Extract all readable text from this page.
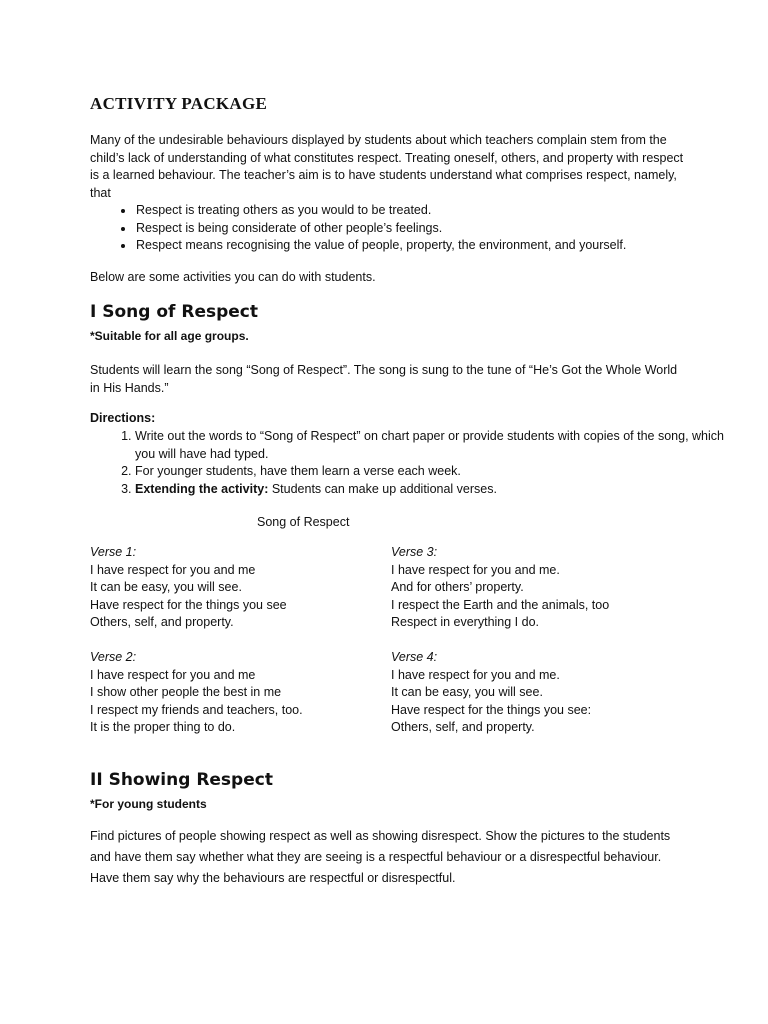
ACTIVITY PACKAGE

Many of the undesirable behaviours displayed by students about which teachers complain stem from the child’s lack of understanding of what constitutes respect. Treating oneself, others, and property with respect is a learned behaviour. The teacher’s aim is to have students understand what comprises respect, namely, that

• Respect is treating others as you would to be treated.
• Respect is being considerate of other people’s feelings.
• Respect means recognising the value of people, property, the environment, and yourself.

Below are some activities you can do with students.

I Song of Respect
*Suitable for all age groups.

Students will learn the song “Song of Respect”. The song is sung to the tune of “He’s Got the Whole World in His Hands.”

Directions:
1. Write out the words to “Song of Respect” on chart paper or provide students with copies of the song, which you will have had typed.
2. For younger students, have them learn a verse each week.
3. Extending the activity: Students can make up additional verses.
Song of Respect
Verse 1:
I have respect for you and me
It can be easy, you will see.
Have respect for the things you see
Others, self, and property.
Verse 2:
I have respect for you and me
I show other people the best in me
I respect my friends and teachers, too.
It is the proper thing to do.
Verse 3:
I have respect for you and me.
And for others’ property.
I respect the Earth and the animals, too
Respect in everything I do.
Verse 4:
I have respect for you and me.
It can be easy, you will see.
Have respect for the things you see:
Others, self, and property.
II Showing Respect
*For young students

Find pictures of people showing respect as well as showing disrespect. Show the pictures to the students and have them say whether what they are seeing is a respectful behaviour or a disrespectful behaviour. Have them say why the behaviours are respectful or disrespectful.
